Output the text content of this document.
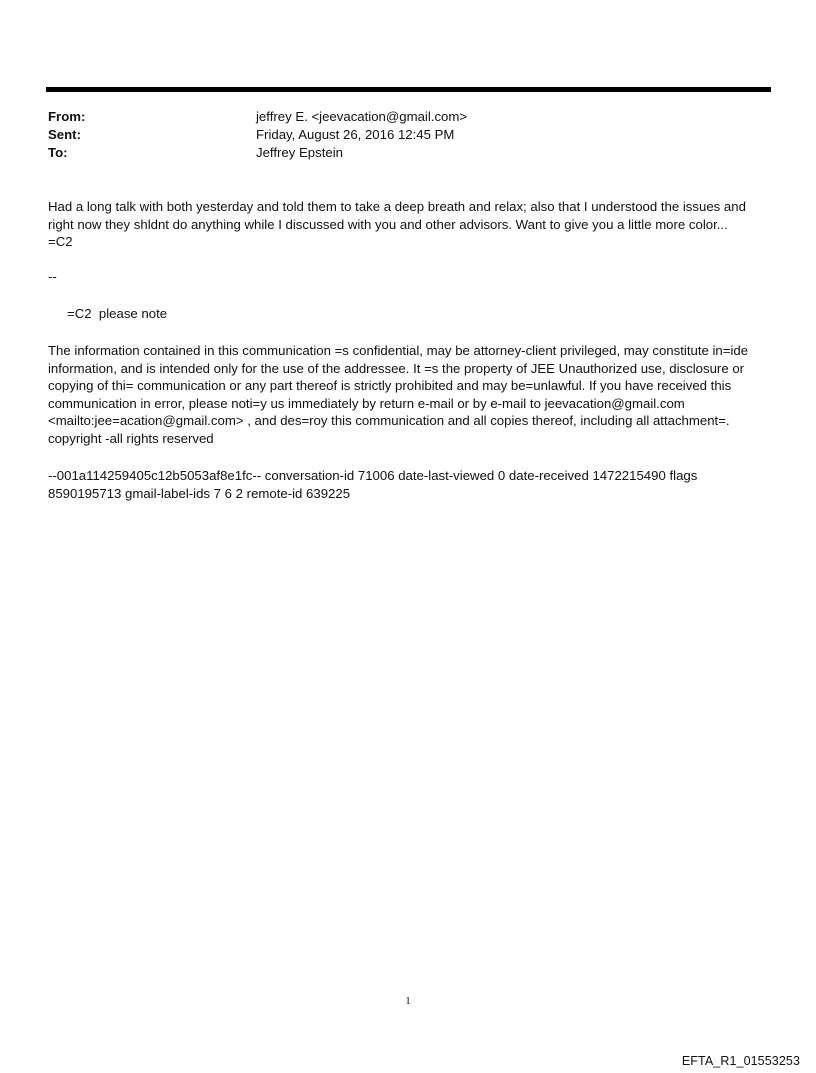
From:	jeffrey E. <jeevacation@gmail.com>
Sent:	Friday, August 26, 2016 12:45 PM
To:	Jeffrey Epstein
Had a long talk with both yesterday and told them to take a deep breath and relax; also that I understood the issues and right now they shldnt do anything while I discussed with you and other advisors. Want to give you a little more color...
=C2
--
=C2  please note
The information contained in this communication =s confidential, may be attorney-client privileged, may constitute in=ide information, and is intended only for the use of the addressee. It =s the property of JEE Unauthorized use, disclosure or copying of thi= communication or any part thereof is strictly prohibited and may be=unlawful. If you have received this communication in error, please noti=y us immediately by return e-mail or by e-mail to jeevacation@gmail.com <mailto:jee=acation@gmail.com> , and des=roy this communication and all copies thereof, including all attachment=. copyright -all rights reserved
--001a114259405c12b5053af8e1fc-- conversation-id 71006 date-last-viewed 0 date-received 1472215490 flags 8590195713 gmail-label-ids 7 6 2 remote-id 639225
1
EFTA_R1_01553253
